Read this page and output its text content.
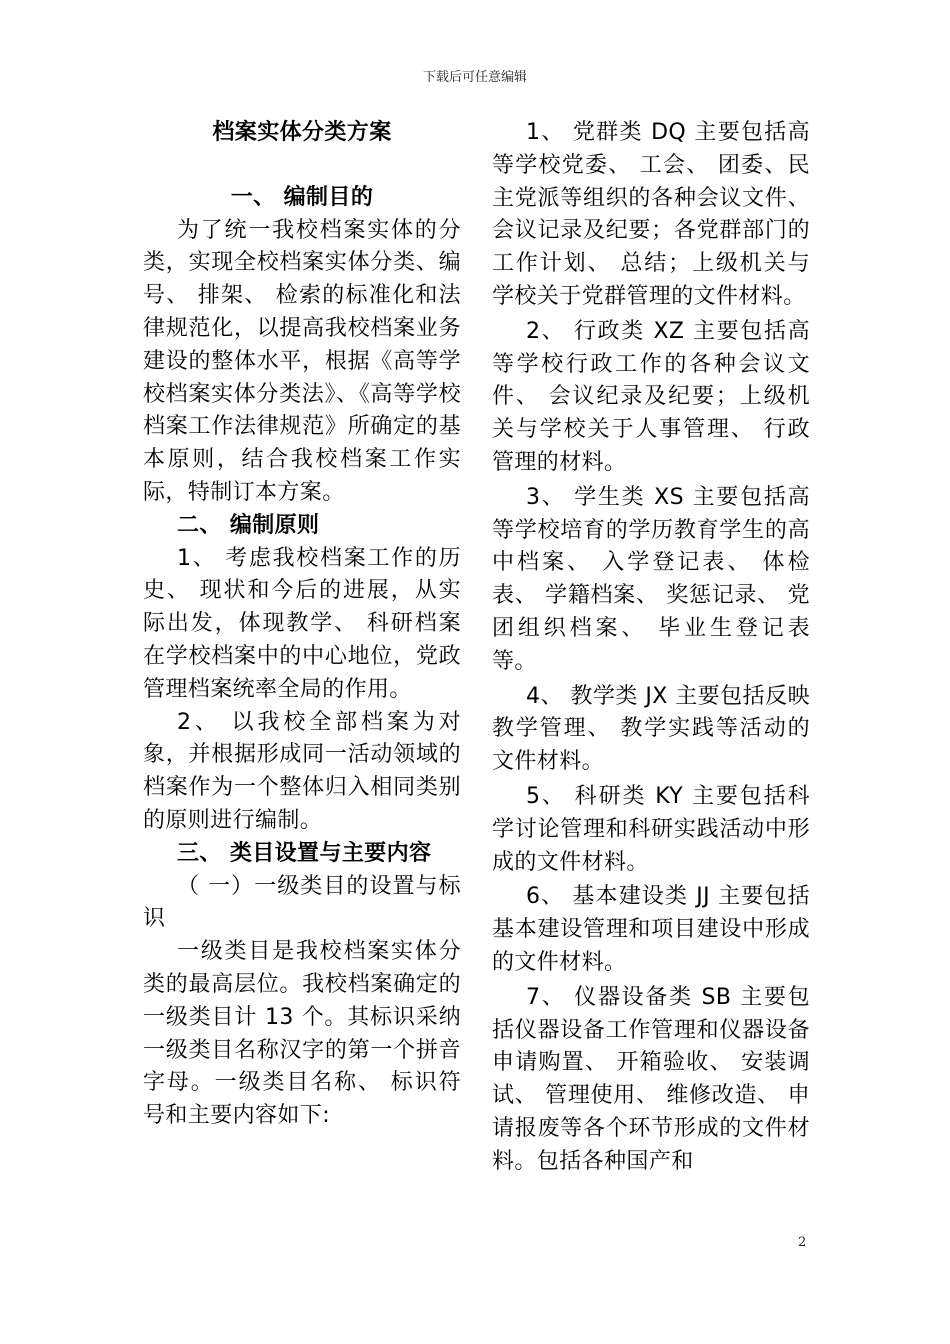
下载后可任意编辑

档案实体分类方案

一、 编制目的

为了统一我校档案实体的分类，实现全校档案实体分类、编号、 排架、 检索的标准化和法律规范化，以提高我校档案业务建设的整体水平，根据《高等学校档案实体分类法》、《高等学校档案工作法律规范》所确定的基本原则，结合我校档案工作实际，特制订本方案。

二、 编制原则

1、 考虑我校档案工作的历史、 现状和今后的进展，从实际出发，体现教学、 科研档案在学校档案中的中心地位，党政管理档案统率全局的作用。

2、 以我校全部档案为对象，并根据形成同一活动领域的档案作为一个整体归入相同类别的原则进行编制。

三、 类目设置与主要内容

（ 一）一级类目的设置与标识

一级类目是我校档案实体分类的最高层位。我校档案确定的一级类目计 13 个。其标识采纳一级类目名称汉字的第一个拼音字母。一级类目名称、 标识符号和主要内容如下:

1、 党群类 DQ 主要包括高等学校党委、 工会、 团委、民主党派等组织的各种会议文件、 会议记录及纪要；各党群部门的工作计划、 总结；上级机关与学校关于党群管理的文件材料。

2、 行政类 XZ 主要包括高等学校行政工作的各种会议文件、 会议纪录及纪要；上级机关与学校关于人事管理、 行政管理的材料。

3、 学生类 XS 主要包括高等学校培育的学历教育学生的高中档案、 入学登记表、 体检表、 学籍档案、 奖惩记录、 党团组织档案、 毕业生登记表等。

4、 教学类 JX 主要包括反映教学管理、 教学实践等活动的文件材料。

5、 科研类 KY 主要包括科学讨论管理和科研实践活动中形成的文件材料。

6、 基本建设类 JJ 主要包括基本建设管理和项目建设中形成的文件材料。

7、 仪器设备类 SB 主要包括仪器设备工作管理和仪器设备申请购置、 开箱验收、 安装调试、 管理使用、 维修改造、 申请报废等各个环节形成的文件材料。包括各种国产和

2
